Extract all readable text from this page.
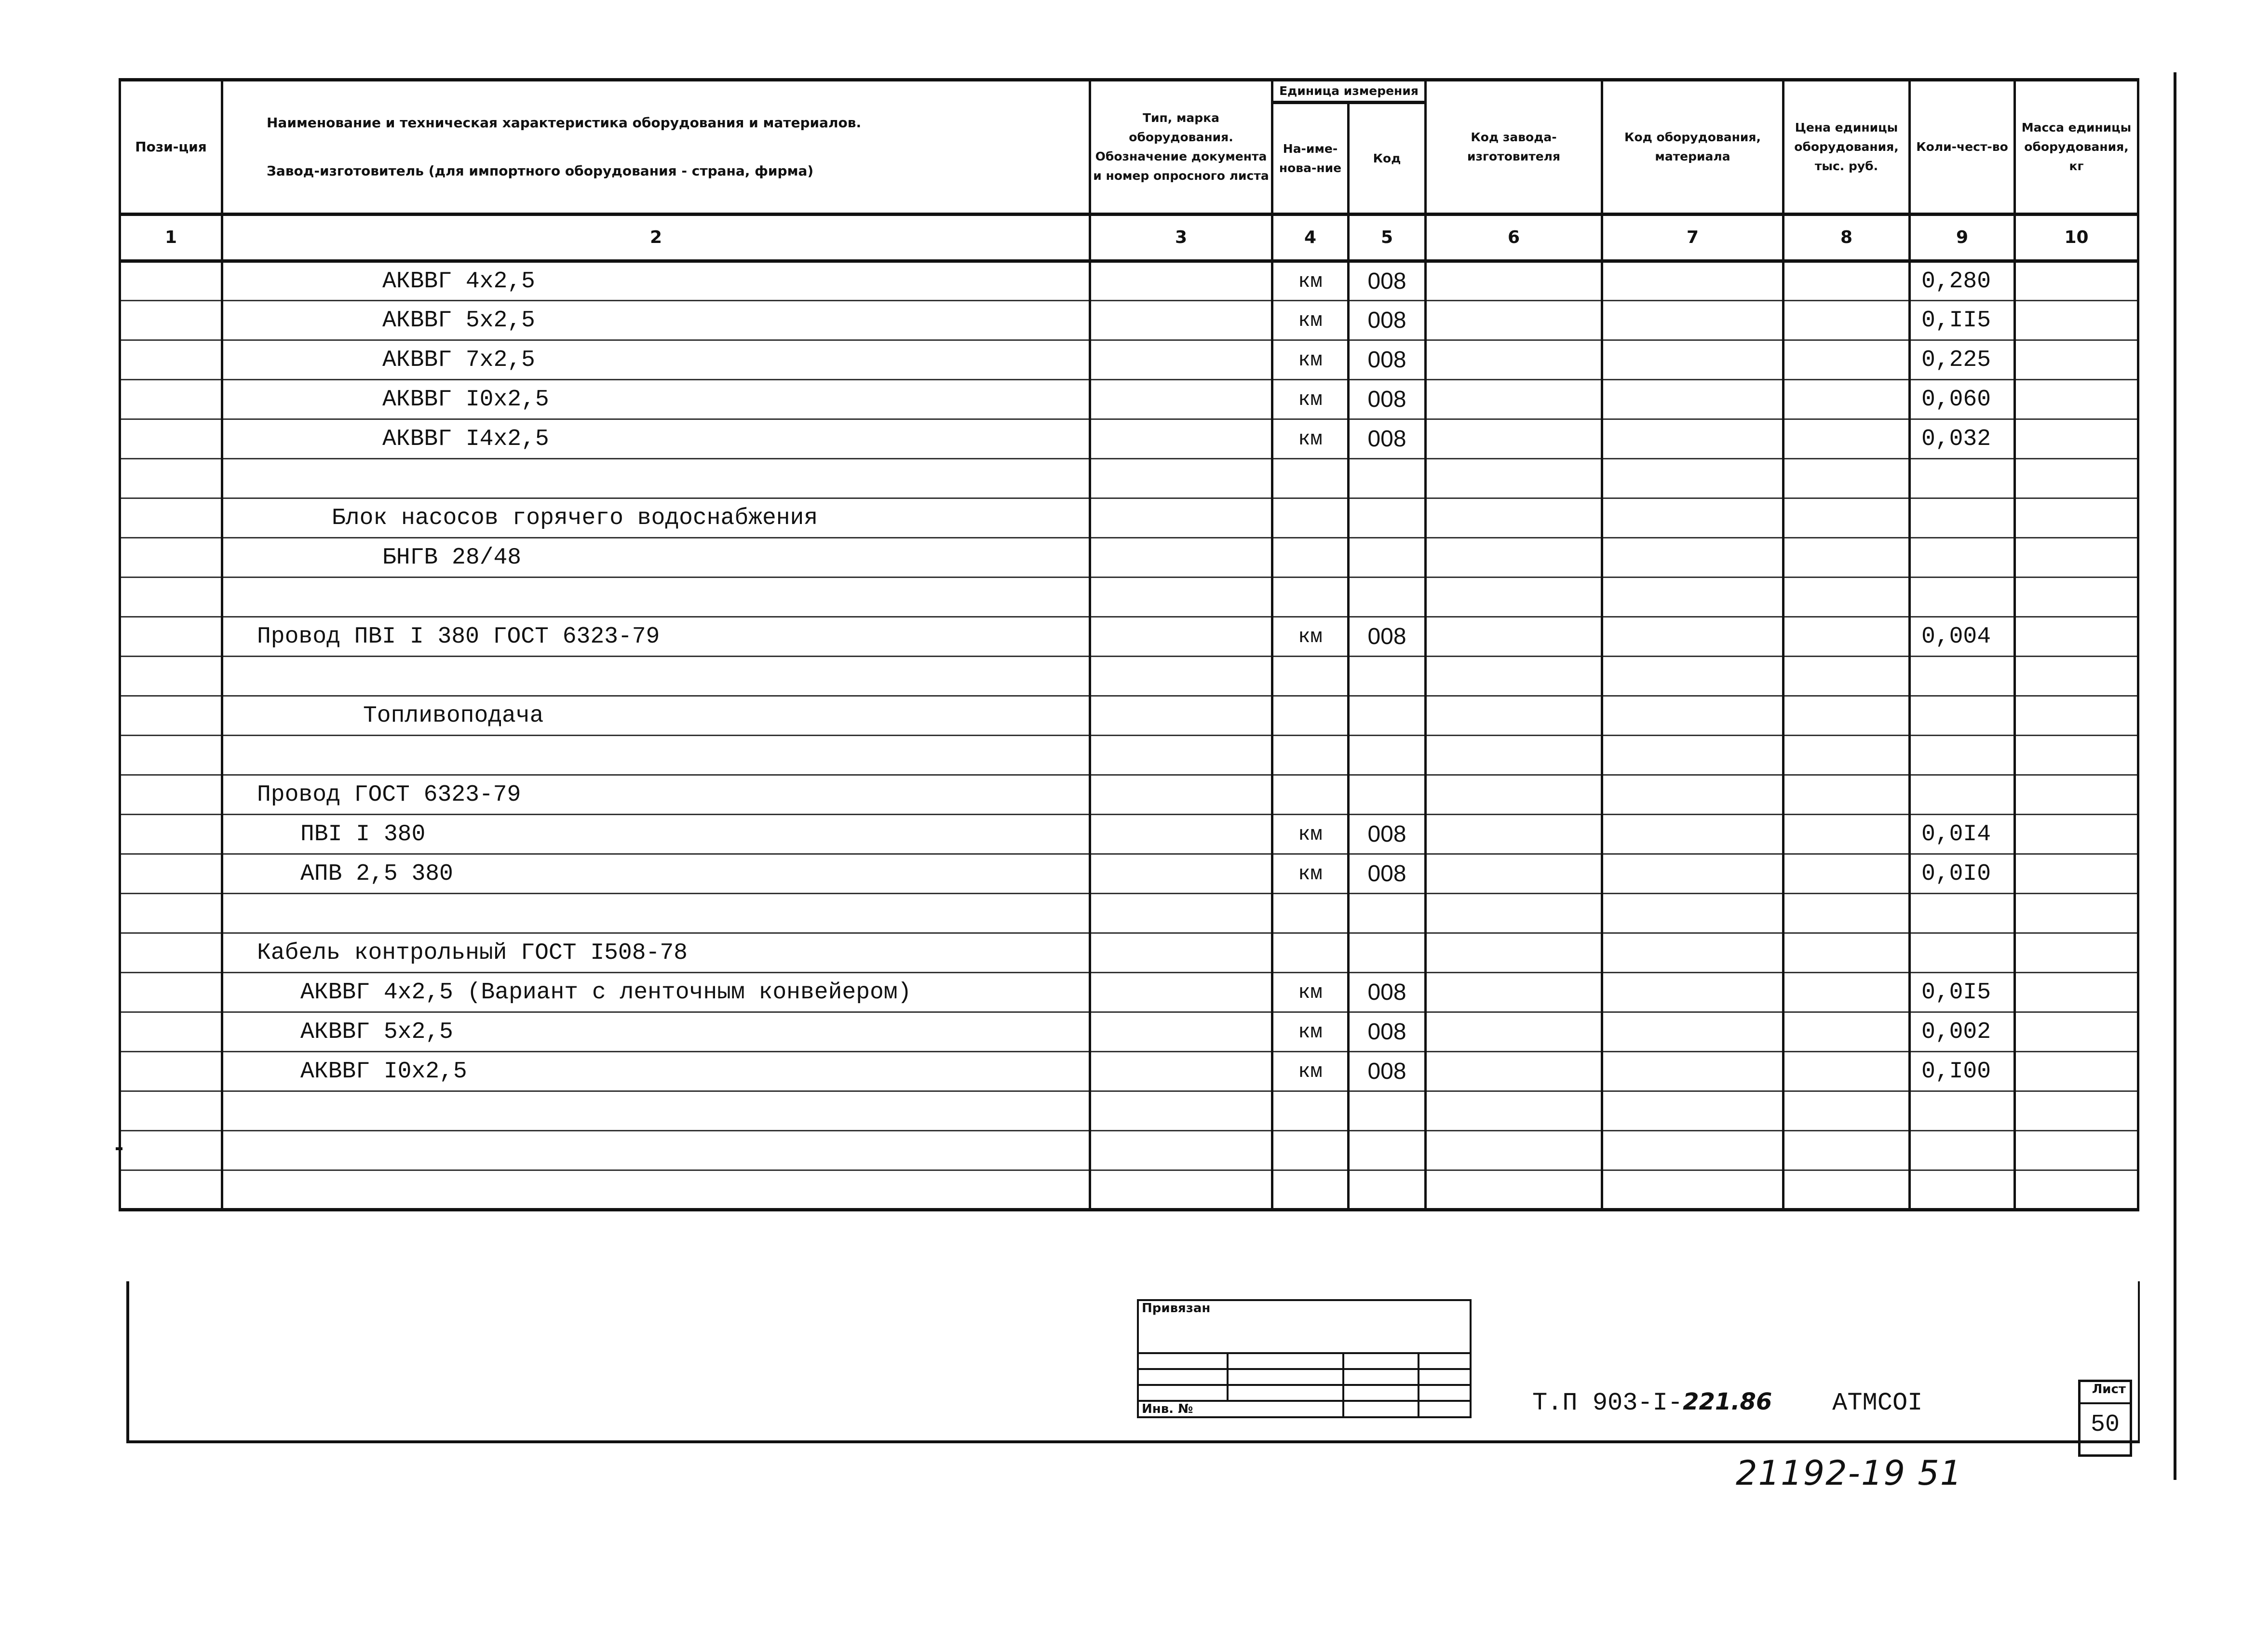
Пози-ция	Наименование и техническая характеристика оборудования и материалов.
Завод-изготовитель (для импортного оборудования - страна, фирма)	Тип, марка оборудования. Обозначение документа и номер опросного листа	Единица измерения		Код завода-изготовителя	Код оборудования, материала	Цена единицы оборудования, тыс. руб.	Коли-чест-во	Масса единицы оборудования, кг
			На-име-нова-ние	Код					
1	2	3	4	5	6	7	8	9	10
	АКВВГ 4х2,5		км	008				0,280	
	АКВВГ 5х2,5		км	008				0,II5	
	АКВВГ 7х2,5		км	008				0,225	
	АКВВГ I0х2,5		км	008				0,060	
	АКВВГ I4х2,5		км	008				0,032	

	Блок насосов горячего водоснабжения								
	БНГВ 28/48								

	Провод ПВI I 380 ГОСТ 6323-79		км	008				0,004	

	Топливоподача								

	Провод ГОСТ 6323-79								
	ПВI I 380		км	008				0,0I4	
	АПВ 2,5 380		км	008				0,0I0	

	Кабель контрольный ГОСТ I508-78								
	АКВВГ 4х2,5 (Вариант с ленточным конвейером)		км	008				0,0I5	
	АКВВГ 5х2,5		км	008				0,002	
	АКВВГ I0х2,5		км	008				0,I00	

Привязан			

Инв. №				Т.П 903-I-221.86 АТМСОI	Лист
50
21192-19 51
